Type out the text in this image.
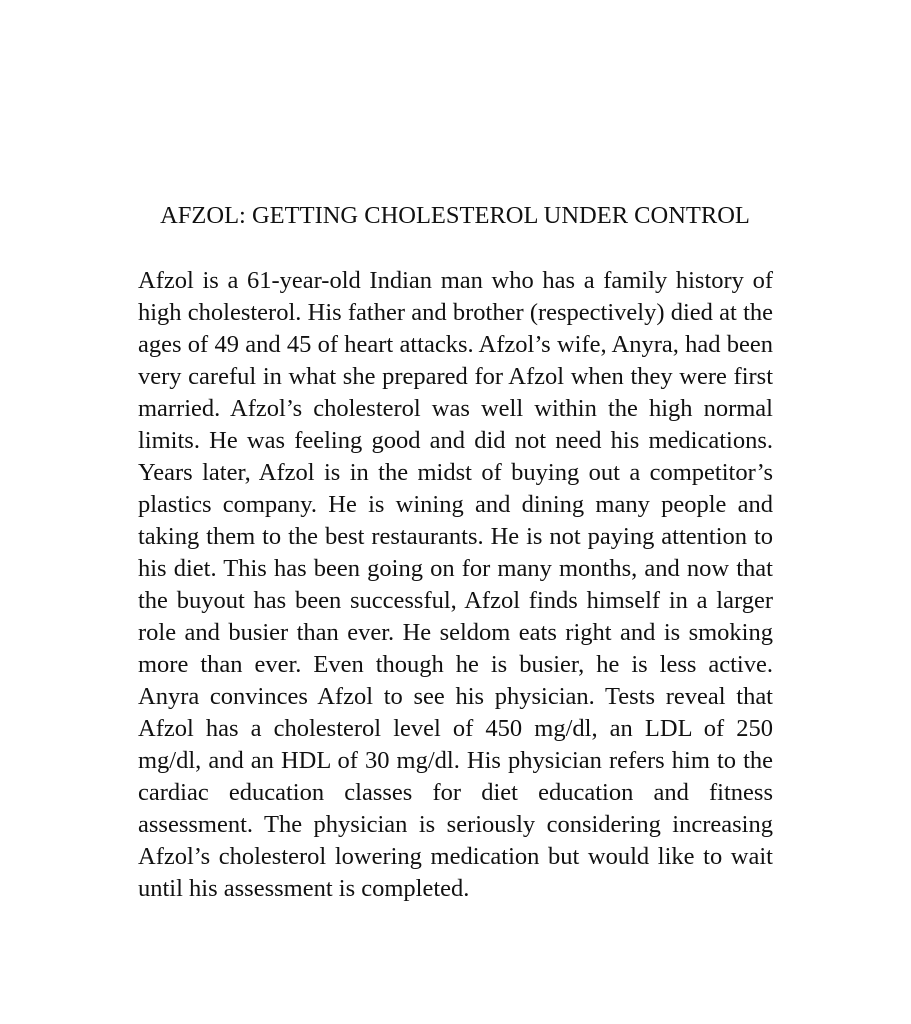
AFZOL: GETTING CHOLESTEROL UNDER CONTROL

Afzol is a 61-year-old Indian man who has a family history of high cholesterol. His father and brother (respectively) died at the ages of 49 and 45 of heart attacks. Afzol’s wife, Anyra, had been very careful in what she prepared for Afzol when they were first married. Afzol’s cholesterol was well within the high normal limits. He was feeling good and did not need his medications. Years later, Afzol is in the midst of buying out a competitor’s plastics company. He is wining and dining many people and taking them to the best restaurants. He is not paying attention to his diet. This has been going on for many months, and now that the buyout has been successful, Afzol finds himself in a larger role and busier than ever. He seldom eats right and is smoking more than ever. Even though he is busier, he is less active. Anyra convinces Afzol to see his physician. Tests reveal that Afzol has a cholesterol level of 450 mg/dl, an LDL of 250 mg/dl, and an HDL of 30 mg/dl. His physician refers him to the cardiac education classes for diet education and fitness assessment. The physician is seriously considering increasing Afzol’s cholesterol lowering medication but would like to wait until his assessment is completed.
